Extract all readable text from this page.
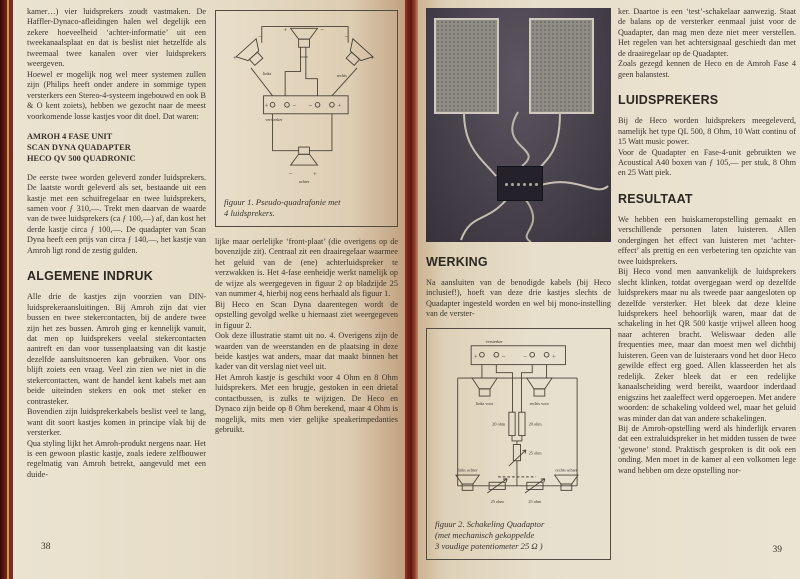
kamer…) vier luidsprekers zoudt vastmaken. De Haffler-Dynaco-afleidingen halen wel degelijk een zekere hoeveelheid ‘achter-informatie’ uit een tweekanaalsplaat en dat is beslist niet hetzelfde als tweemaal twee kanalen over vier luidsprekers weergeven.

Hoewel er mogelijk nog wel meer systemen zullen zijn (Philips heeft onder andere in sommige typen versterkers een Stereo-4-systeem ingebouwd en ook B & O kent zoiets), hebben we gezocht naar de meest voorkomende losse kastjes voor dit doel. Dat waren:

AMROH 4 FASE UNIT
SCAN DYNA QUADAPTER
HECO QV 500 QUADRONIC

De eerste twee worden geleverd zonder luidsprekers. De laatste wordt geleverd als set, bestaande uit een kastje met een schuifregelaar en twee luidsprekers, samen voor ƒ 310,—. Trekt men daarvan de waarde van de twee luidsprekers (ca ƒ 100,—) af, dan kost het derde kastje circa ƒ 100,—. De quadapter van Scan Dyna heeft een prijs van circa ƒ 140,—, het kastje van Amroh ligt rond de zestig gulden.

ALGEMENE INDRUK

Alle drie de kastjes zijn voorzien van DIN-luidsprekeraansluitingen. Bij Amroh zijn dat vier bussen en twee stekercontacten, bij de andere twee zijn het zes bussen. Amroh ging er kennelijk vanuit, dat men op luidsprekers veelal stekercontacten aantreft en dan voor tussenplaatsing van dit kastje dezelfde aansluitsnoeren kan gebruiken. Voor ons blijft zoiets een vraag. Veel zin zien we niet in die stekercontacten, want de handel kent kabels met aan beide uiteinden stekers en ook met steker en contrasteker.

Bovendien zijn luidsprekerkabels beslist veel te lang, want dit soort kastjes komen in principe vlak bij de versterker.

Qua styling lijkt het Amroh-produkt nergens naar. Het is een gewoon plastic kastje, zoals iedere zelfbouwer regelmatig van Amroh betrekt, aangevuld met een duide-

+	−
voor
−
+
links
−
+
rechts
+	− −	+
versterker
−	+
achter
figuur 1. Pseudo-quadrafonie met
4 luidsprekers.

lijke maar oerlelijke ‘front-plaat’ (die overigens op de bovenzijde zit). Centraal zit een draairegelaar waarmee het geluid van de (ene) achterluidspreker te verzwakken is. Het 4-fase eenheidje werkt namelijk op de wijze als weergegeven in figuur 2 op bladzijde 25 van nummer 4, hierbij nog eens herhaald als figuur 1.

Bij Heco en Scan Dyna daarentegen wordt de opstelling gevolgd welke u hiernaast ziet weergegeven in figuur 2.

Ook deze illustratie stamt uit no. 4. Overigens zijn de waarden van de weerstanden en de plaatsing in deze beide kastjes wat anders, maar dat maakt binnen het kader van dit verslag niet veel uit.

Het Amroh kastje is geschikt voor 4 Ohm en 8 Ohm luidsprekers. Met een brugje, gestoken in een drietal contactbussen, is zulks te wijzigen. De Heco en Dynaco zijn beide op 8 Ohm berekend, maar 4 Ohm is mogelijk, mits men vier gelijke speakerimpedanties gebruikt.

38
WERKING

Na aansluiten van de benodigde kabels (bij Heco inclusief!), hoeft van deze drie kastjes slechts de Quadapter ingesteld worden en wel bij mono-instelling van de verster-

versterker
+	− −	+
links voor	rechts voor
20 ohm	20 ohm
25 ohm
links achter	rechts achter
25 ohm	25 ohm
figuur 2. Schakeling Quadaptor
(met mechanisch gekoppelde
3 voudige potentiometer 25 Ω )

ker. Daartoe is een ‘test’-schakelaar aanwezig. Staat de balans op de versterker eenmaal juist voor de Quadapter, dan mag men deze niet meer verstellen. Het regelen van het achtersignaal geschiedt dan met de draairegelaar op de Quadapter.

Zoals gezegd kennen de Heco en de Amroh Fase 4 geen balanstest.

LUIDSPREKERS

Bij de Heco worden luidsprekers meegeleverd, namelijk het type QL 500, 8 Ohm, 10 Watt continu of 15 Watt music power.

Voor de Quadapter en Fase-4-unit gebruikten we Acoustical A40 boxen van ƒ 105,— per stuk, 8 Ohm en 25 Watt piek.

RESULTAAT

We hebben een huiskameropstelling gemaakt en verschillende personen laten luisteren. Allen ondergingen het effect van luisteren met ‘achter-effect’ als prettig en een verbetering ten opzichte van twee luidsprekers.

Bij Heco vond men aanvankelijk de luidsprekers slecht klinken, totdat overgegaan werd op dezelfde luidsprekers maar nu als tweede paar aangesloten op dezelfde versterker. Het bleek dat deze kleine luidsprekers heel behoorlijk waren, maar dat de schakeling in het QR 500 kastje vrijwel alleen hoog naar achteren bracht. Weliswaar deden alle frequenties mee, maar dan moest men wel dichtbij luisteren. Geen van de luisteraars vond het door Heco gewilde effect erg goed. Allen klasseerden het als redelijk. Zeker bleek dat er een redelijke kanaalscheiding werd bereikt, waardoor inderdaad enigszins het zaaleffect werd opgeroepen. Met andere woorden: de schakeling voldeed wel, maar het geluid was minder dan dat van andere schakelingen.

Bij de Amroh-opstelling werd als hinderlijk ervaren dat een extraluidspreker in het midden tussen de twee ‘gewone’ stond. Praktisch gesproken is dit ook een onding. Men moet in de kamer al een volkomen lege wand hebben om deze opstelling nor-

39
